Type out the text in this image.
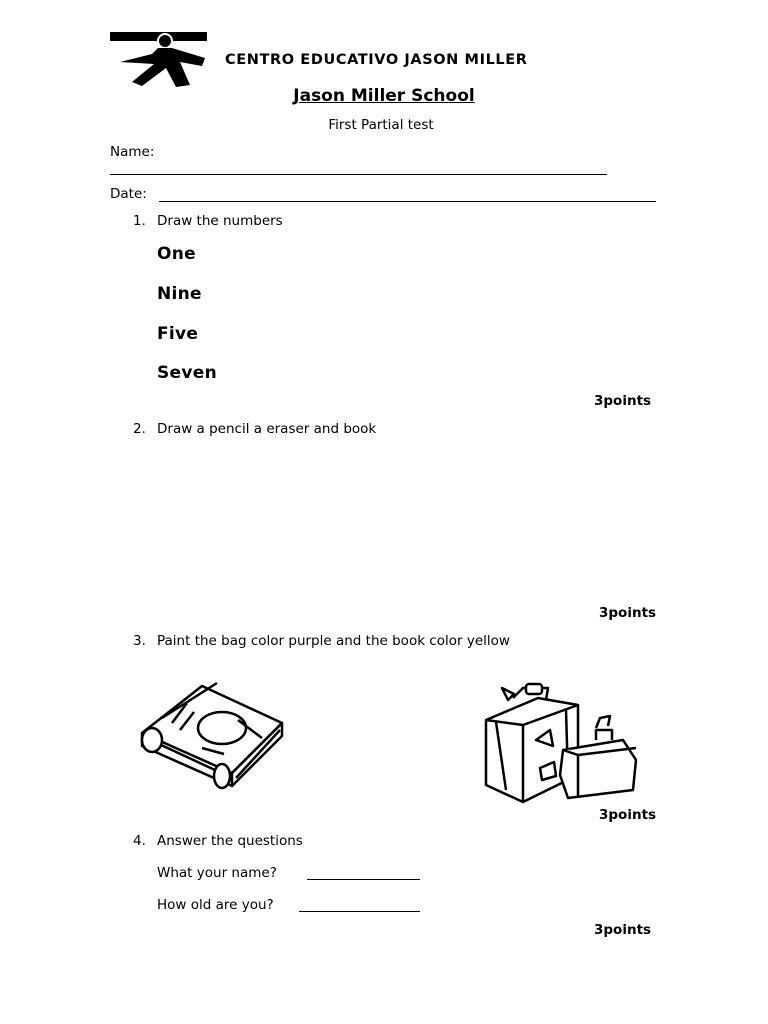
CENTRO EDUCATIVO JASON MILLER
Jason Miller School
First Partial test
Name:
Date:
1. Draw the numbers
One
Nine
Five
Seven
3points
2. Draw a pencil a eraser and book
3points
3. Paint the bag color purple and the book color yellow
3points
4. Answer the questions
What your name?
How old are you?
3points
